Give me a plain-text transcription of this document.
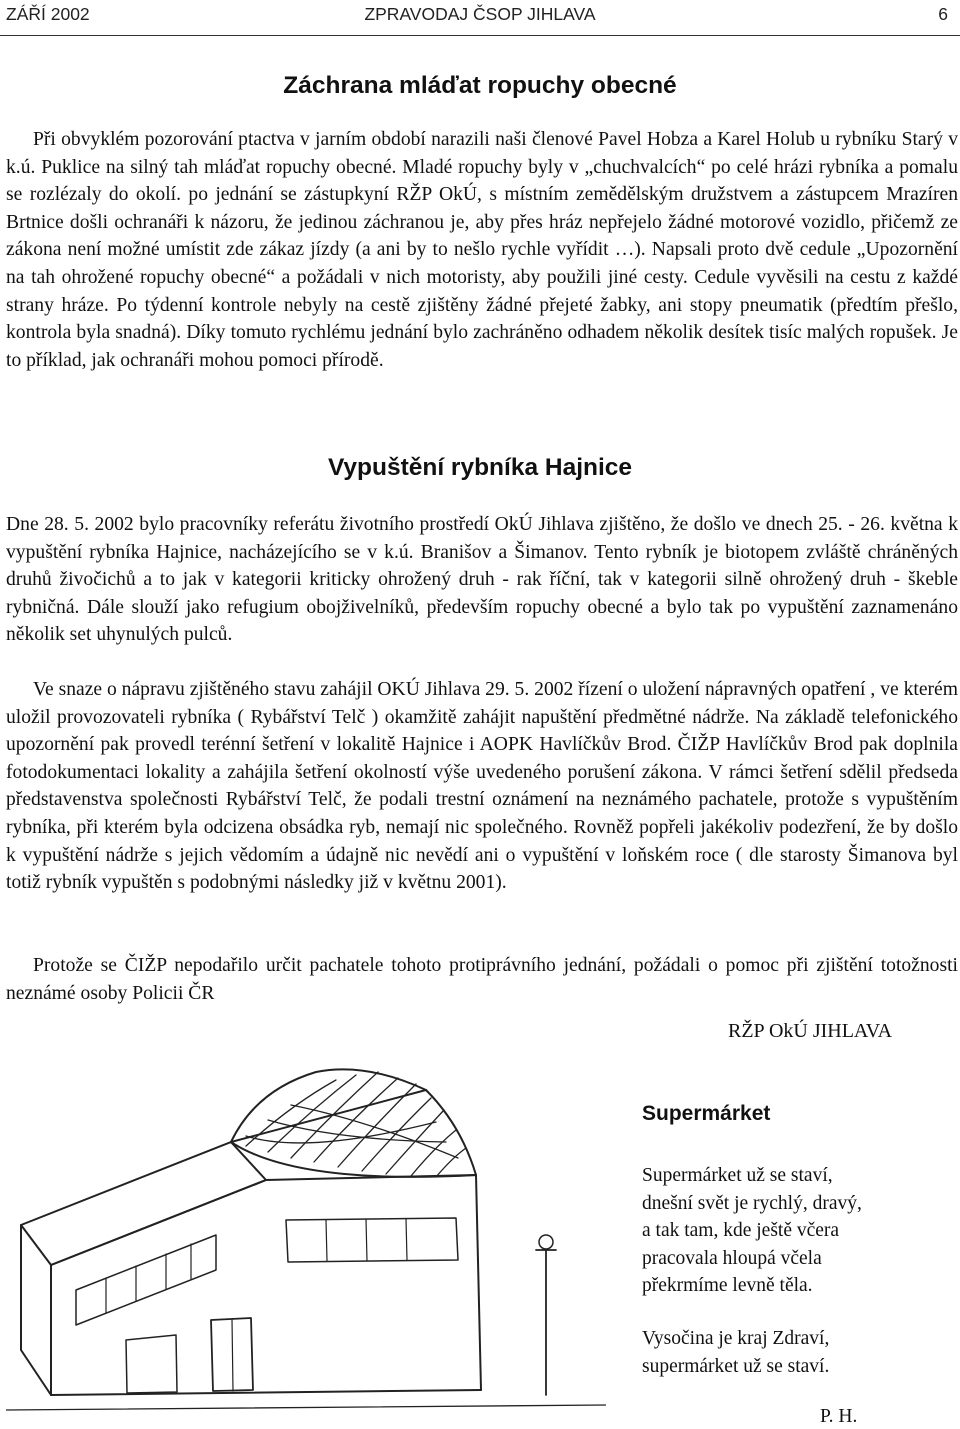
ZÁŘÍ 2002	ZPRAVODAJ ČSOP JIHLAVA	6
Záchrana mláďat ropuchy obecné

Při obvyklém pozorování ptactva v jarním období narazili naši členové Pavel Hobza a Karel Holub u rybníku Starý v k.ú. Puklice na silný tah mláďat ropuchy obecné. Mladé ropuchy byly v „chuchvalcích“ po celé hrázi rybníka a pomalu se rozlézaly do okolí. po jednání se zástupkyní RŽP OkÚ, s místním zemědělským družstvem a zástupcem Mrazíren Brtnice došli ochranáři k názoru, že jedinou záchranou je, aby přes hráz nepřejelo žádné motorové vozidlo, přičemž ze zákona není možné umístit zde zákaz jízdy (a ani by to nešlo rychle vyřídit …). Napsali proto dvě cedule „Upozornění na tah ohrožené ropuchy obecné“ a požádali v nich motoristy, aby použili jiné cesty. Cedule vyvěsili na cestu z každé strany hráze. Po týdenní kontrole nebyly na cestě zjištěny žádné přejeté žabky, ani stopy pneumatik (předtím přešlo, kontrola byla snadná). Díky tomuto rychlému jednání bylo zachráněno odhadem několik desítek tisíc malých ropušek. Je to příklad, jak ochranáři mohou pomoci přírodě.

Vypuštění rybníka Hajnice

Dne 28. 5. 2002 bylo pracovníky referátu životního prostředí OkÚ Jihlava zjištěno, že došlo ve dnech 25. - 26. května k vypuštění rybníka Hajnice, nacházejícího se v k.ú. Branišov a Šimanov. Tento rybník je biotopem zvláště chráněných druhů živočichů a to jak v kategorii kriticky ohrožený druh - rak říční, tak v kategorii silně ohrožený druh - škeble rybničná. Dále slouží jako refugium obojživelníků, především ropuchy obecné a bylo tak po vypuštění zaznamenáno několik set uhynulých pulců.

Ve snaze o nápravu zjištěného stavu zahájil OKÚ Jihlava 29. 5. 2002 řízení o uložení nápravných opatření , ve kterém uložil provozovateli rybníka ( Rybářství Telč ) okamžitě zahájit napuštění předmětné nádrže. Na základě telefonického upozornění pak provedl terénní šetření v lokalitě Hajnice i AOPK Havlíčkův Brod. ČIŽP Havlíčkův Brod pak doplnila fotodokumentaci lokality a zahájila šetření okolností výše uvedeného porušení zákona. V rámci šetření sdělil předseda představenstva společnosti Rybářství Telč, že podali trestní oznámení na neznámého pachatele, protože s vypuštěním rybníka, při kterém byla odcizena obsádka ryb, nemají nic společného. Rovněž popřeli jakékoliv podezření, že by došlo k vypuštění nádrže s jejich vědomím a údajně nic nevědí ani o vypuštění v loňském roce ( dle starosty Šimanova byl totiž rybník vypuštěn s podobnými následky již v květnu 2001).

Protože se ČIŽP nepodařilo určit pachatele tohoto protiprávního jednání, požádali o pomoc při zjištění totožnosti neznámé osoby Policii ČR

RŽP OkÚ JIHLAVA
Supermárket
Supermárket už se staví,
dnešní svět je rychlý, dravý,
a tak tam, kde ještě včera
pracovala hloupá včela
překrmíme levně těla.
Vysočina je kraj Zdraví,
supermárket už se staví.
P. H.
